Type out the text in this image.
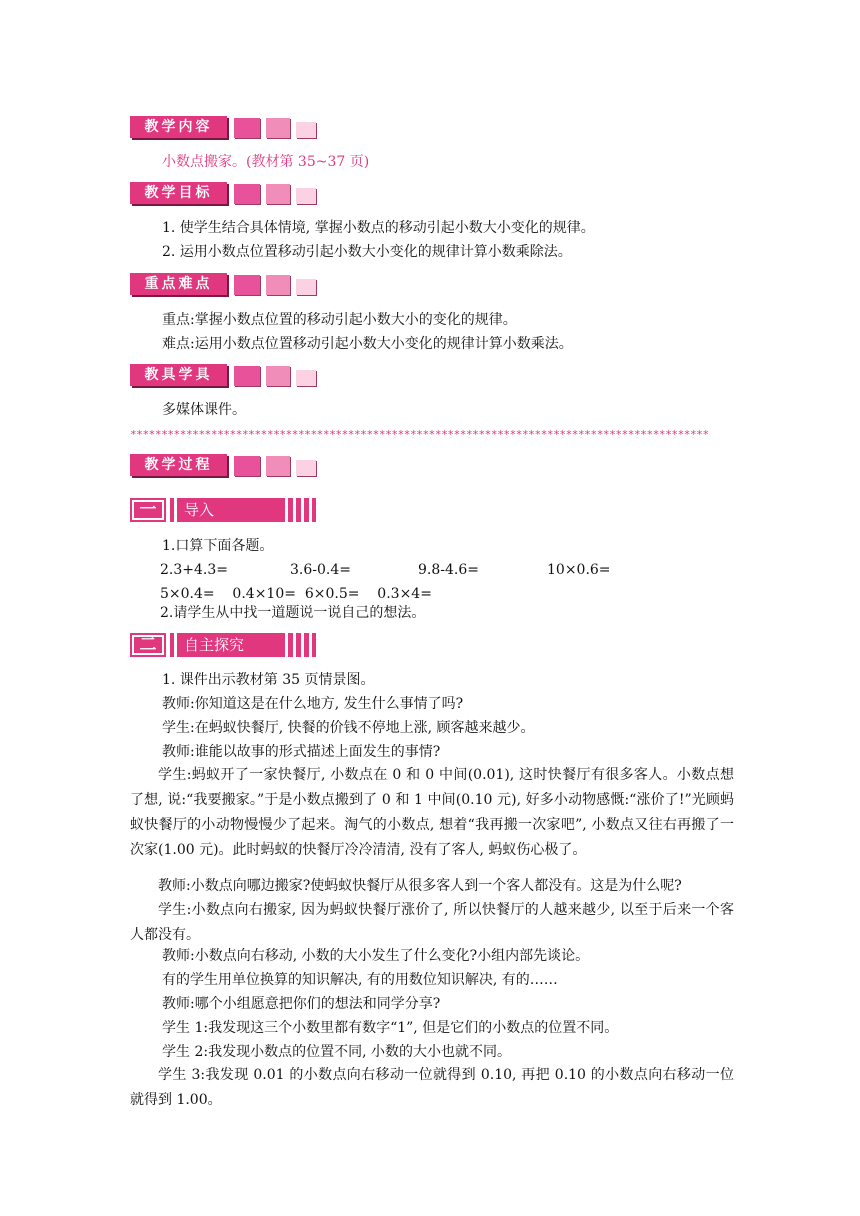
教学内容
小数点搬家。(教材第 35~37 页)
教学目标
1. 使学生结合具体情境, 掌握小数点的移动引起小数大小变化的规律。
2. 运用小数点位置移动引起小数大小变化的规律计算小数乘除法。
重点难点
重点:掌握小数点位置的移动引起小数大小的变化的规律。
难点:运用小数点位置移动引起小数大小变化的规律计算小数乘法。
教具学具
多媒体课件。
*********************************************************************************************
教学过程
一	导入
1.口算下面各题。
2.3+4.3=	3.6-0.4=	9.8-4.6=	10×0.6=
5×0.4=    0.4×10=  6×0.5=    0.3×4=
2.请学生从中找一道题说一说自己的想法。
二	自主探究
1. 课件出示教材第 35 页情景图。
教师:你知道这是在什么地方, 发生什么事情了吗?
学生:在蚂蚁快餐厅, 快餐的价钱不停地上涨, 顾客越来越少。
教师:谁能以故事的形式描述上面发生的事情?
学生:蚂蚁开了一家快餐厅, 小数点在 0 和 0 中间(0.01), 这时快餐厅有很多客人。小数点想了想, 说:“我要搬家。”于是小数点搬到了 0 和 1 中间(0.10 元), 好多小动物感慨:“涨价了!”光顾蚂蚁快餐厅的小动物慢慢少了起来。淘气的小数点, 想着“我再搬一次家吧”, 小数点又往右再搬了一次家(1.00 元)。此时蚂蚁的快餐厅冷冷清清, 没有了客人, 蚂蚁伤心极了。
教师:小数点向哪边搬家?使蚂蚁快餐厅从很多客人到一个客人都没有。这是为什么呢?
学生:小数点向右搬家, 因为蚂蚁快餐厅涨价了, 所以快餐厅的人越来越少, 以至于后来一个客人都没有。
教师:小数点向右移动, 小数的大小发生了什么变化?小组内部先谈论。
有的学生用单位换算的知识解决, 有的用数位知识解决, 有的……
教师:哪个小组愿意把你们的想法和同学分享?
学生 1:我发现这三个小数里都有数字“1”, 但是它们的小数点的位置不同。
学生 2:我发现小数点的位置不同, 小数的大小也就不同。
学生 3:我发现 0.01 的小数点向右移动一位就得到 0.10, 再把 0.10 的小数点向右移动一位就得到 1.00。
